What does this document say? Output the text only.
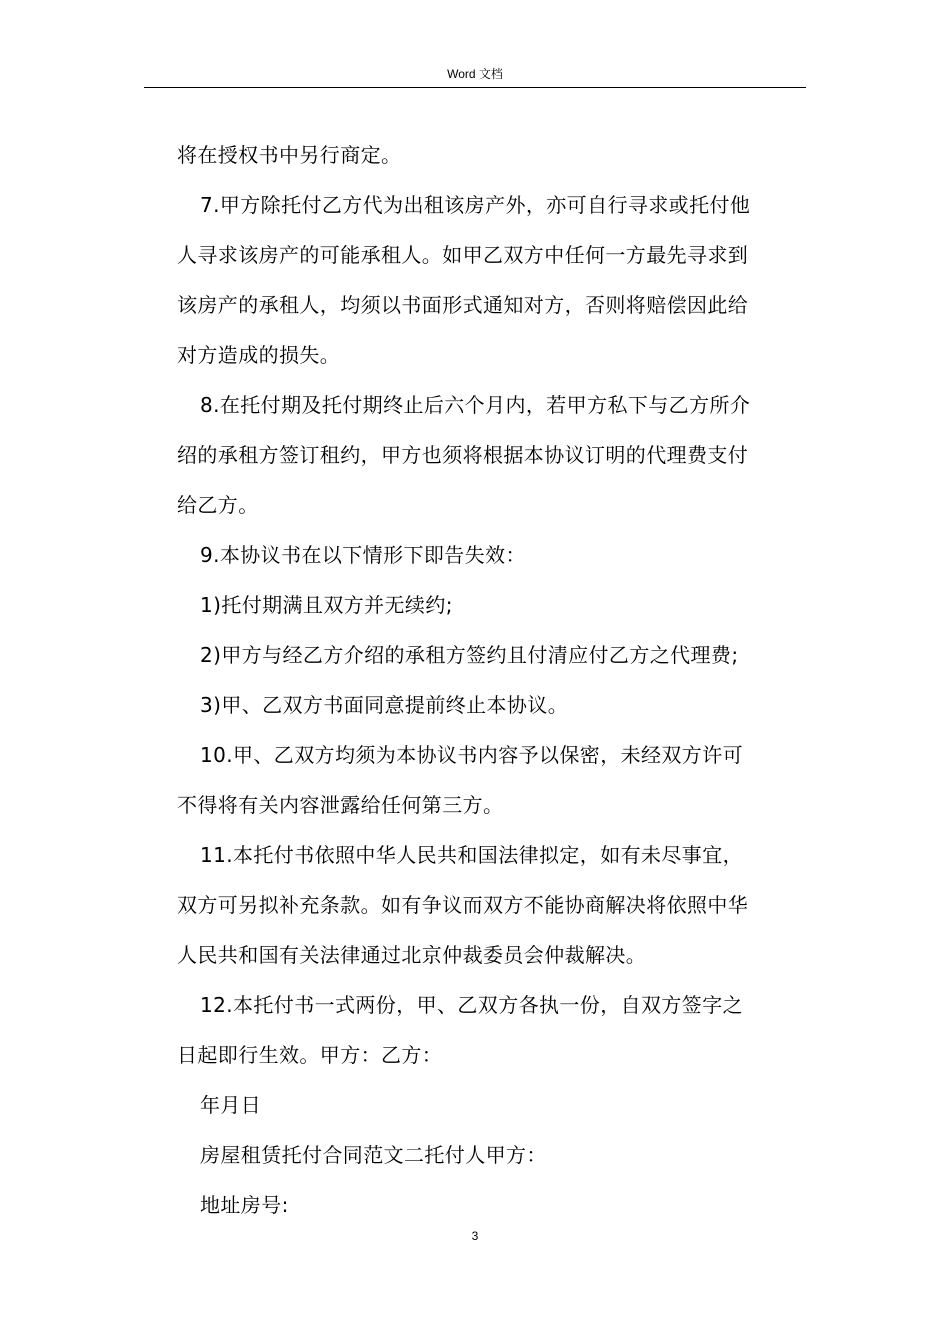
Word 文档
将在授权书中另行商定。
7.甲方除托付乙方代为出租该房产外，亦可自行寻求或托付他
人寻求该房产的可能承租人。如甲乙双方中任何一方最先寻求到
该房产的承租人，均须以书面形式通知对方，否则将赔偿因此给
对方造成的损失。
8.在托付期及托付期终止后六个月内，若甲方私下与乙方所介
绍的承租方签订租约，甲方也须将根据本协议订明的代理费支付
给乙方。
9.本协议书在以下情形下即告失效：
1)托付期满且双方并无续约;
2)甲方与经乙方介绍的承租方签约且付清应付乙方之代理费;
3)甲、乙双方书面同意提前终止本协议。
10.甲、乙双方均须为本协议书内容予以保密，未经双方许可
不得将有关内容泄露给任何第三方。
11.本托付书依照中华人民共和国法律拟定，如有未尽事宜，
双方可另拟补充条款。如有争议而双方不能协商解决将依照中华
人民共和国有关法律通过北京仲裁委员会仲裁解决。
12.本托付书一式两份，甲、乙双方各执一份，自双方签字之
日起即行生效。甲方：乙方：
年月日
房屋租赁托付合同范文二托付人甲方：
地址房号:
3
